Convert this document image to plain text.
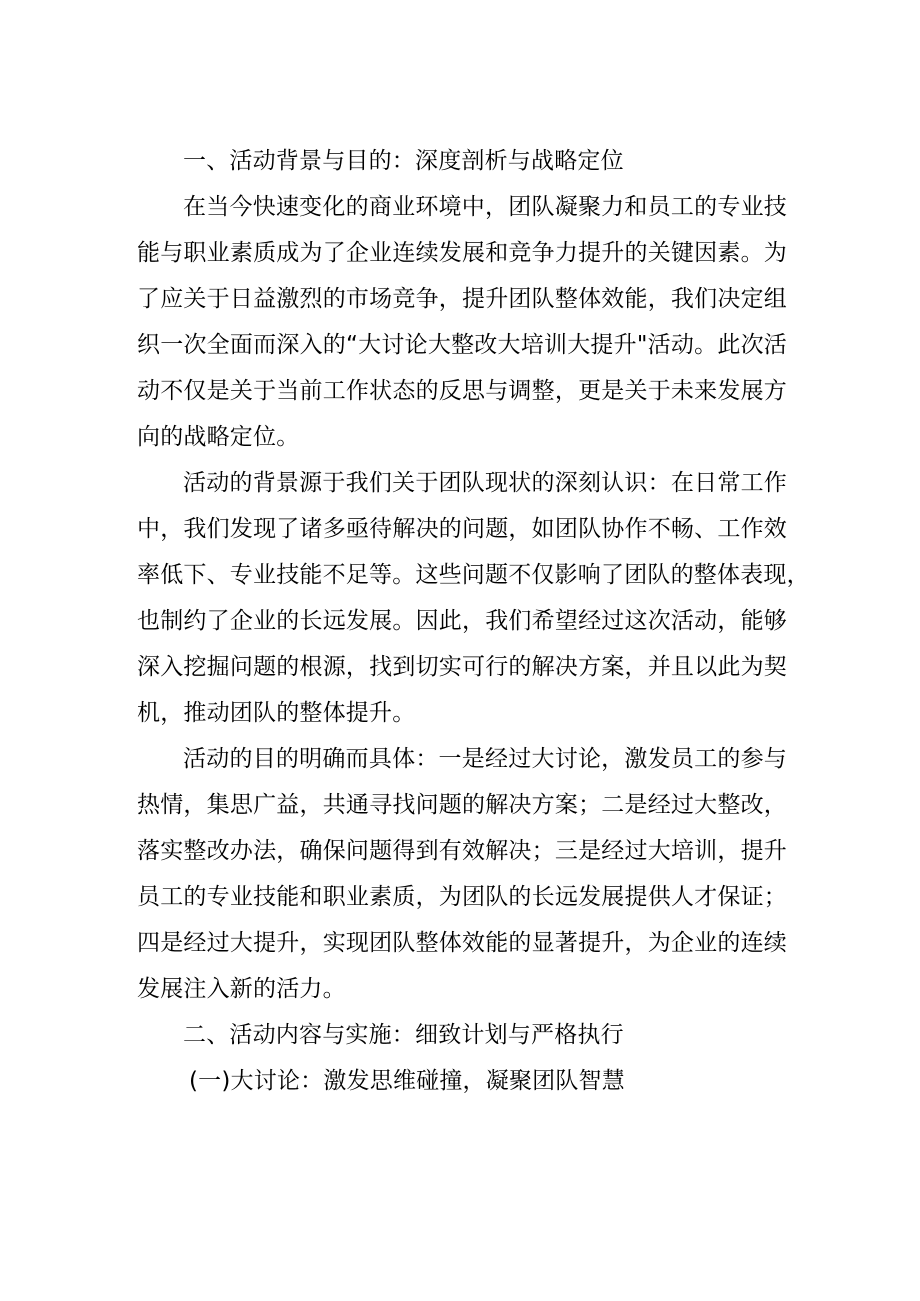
一、活动背景与目的：深度剖析与战略定位

在当今快速变化的商业环境中，团队凝聚力和员工的专业技
能与职业素质成为了企业连续发展和竞争力提升的关键因素。为
了应关于日益激烈的市场竞争，提升团队整体效能，我们决定组
织一次全面而深入的“大讨论大整改大培训大提升"活动。此次活
动不仅是关于当前工作状态的反思与调整，更是关于未来发展方
向的战略定位。

活动的背景源于我们关于团队现状的深刻认识：在日常工作
中，我们发现了诸多亟待解决的问题，如团队协作不畅、工作效
率低下、专业技能不足等。这些问题不仅影响了团队的整体表现，
也制约了企业的长远发展。因此，我们希望经过这次活动，能够
深入挖掘问题的根源，找到切实可行的解决方案，并且以此为契
机，推动团队的整体提升。

活动的目的明确而具体：一是经过大讨论，激发员工的参与
热情，集思广益，共通寻找问题的解决方案；二是经过大整改，
落实整改办法，确保问题得到有效解决；三是经过大培训，提升
员工的专业技能和职业素质，为团队的长远发展提供人才保证；
四是经过大提升，实现团队整体效能的显著提升，为企业的连续
发展注入新的活力。

二、活动内容与实施：细致计划与严格执行

(一)大讨论：激发思维碰撞，凝聚团队智慧
